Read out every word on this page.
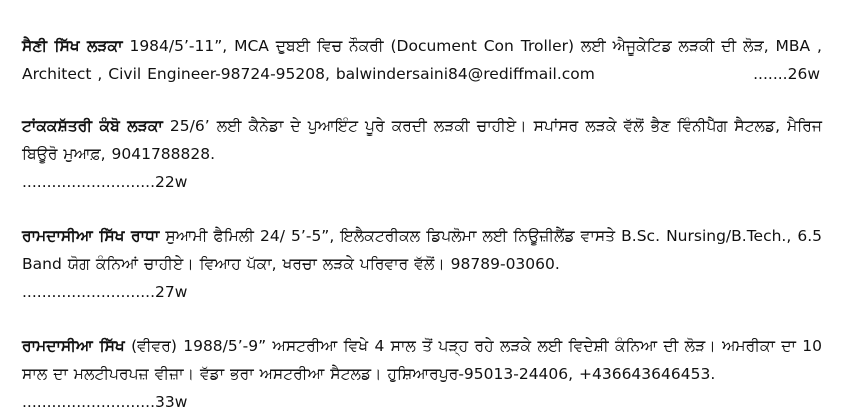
ਸੈਣੀ ਸਿੱਖ ਲੜਕਾ 1984/5’-11”, MCA ਦੁਬਈ ਵਿਚ ਨੌਕਰੀ (Document Con Troller) ਲਈ ਐਜੂਕੇਟਿਡ ਲੜਕੀ ਦੀ ਲੋੜ, MBA , Architect , Civil Engineer-98724-95208, balwindersaini84@rediffmail.com	.......26w

ਟਾਂਕਕਸ਼ੱਤਰੀ ਕੰਬੋ ਲੜਕਾ 25/6’ ਲਈ ਕੈਨੇਡਾ ਦੇ ਪੁਆਇੰਟ ਪੂਰੇ ਕਰਦੀ ਲੜਕੀ ਚਾਹੀਏ। ਸਪਾਂਸਰ ਲੜਕੇ ਵੱਲੋਂ ਭੈਣ ਵਿੰਨੀਪੈੱਗ ਸੈਟਲਡ, ਮੈਰਿਜ ਬਿਊਰੋ ਮੁਆਫ਼, 9041788828.
...........................22w

ਰਾਮਦਾਸੀਆ ਸਿੱਖ ਰਾਧਾ ਸੁਆਮੀ ਫੈਮਿਲੀ 24/ 5’-5”, ਇਲੈਕਟਰੀਕਲ ਡਿਪਲੋਮਾ ਲਈ ਨਿਊਜ਼ੀਲੈਂਡ ਵਾਸਤੇ B.Sc. Nursing/B.Tech., 6.5 Band ਯੋਗ ਕੰਨਿਆਂ ਚਾਹੀਏ। ਵਿਆਹ ਪੱਕਾ, ਖਰਚਾ ਲੜਕੇ ਪਰਿਵਾਰ ਵੱਲੋਂ। 98789-03060.
...........................27w

ਰਾਮਦਾਸੀਆ ਸਿੱਖ (ਵੀਵਰ) 1988/5’-9” ਅਸਟਰੀਆ ਵਿਖੇ 4 ਸਾਲ ਤੋਂ ਪੜ੍ਹ ਰਹੇ ਲੜਕੇ ਲਈ ਵਿਦੇਸ਼ੀ ਕੰਨਿਆ ਦੀ ਲੋੜ। ਅਮਰੀਕਾ ਦਾ 10 ਸਾਲ ਦਾ ਮਲਟੀਪਰਪਜ਼ ਵੀਜ਼ਾ। ਵੱਡਾ ਭਰਾ ਅਸਟਰੀਆ ਸੈਟਲਡ। ਹੁਸ਼ਿਆਰਪੁਰ-95013-24406, +436643646453.
...........................33w
